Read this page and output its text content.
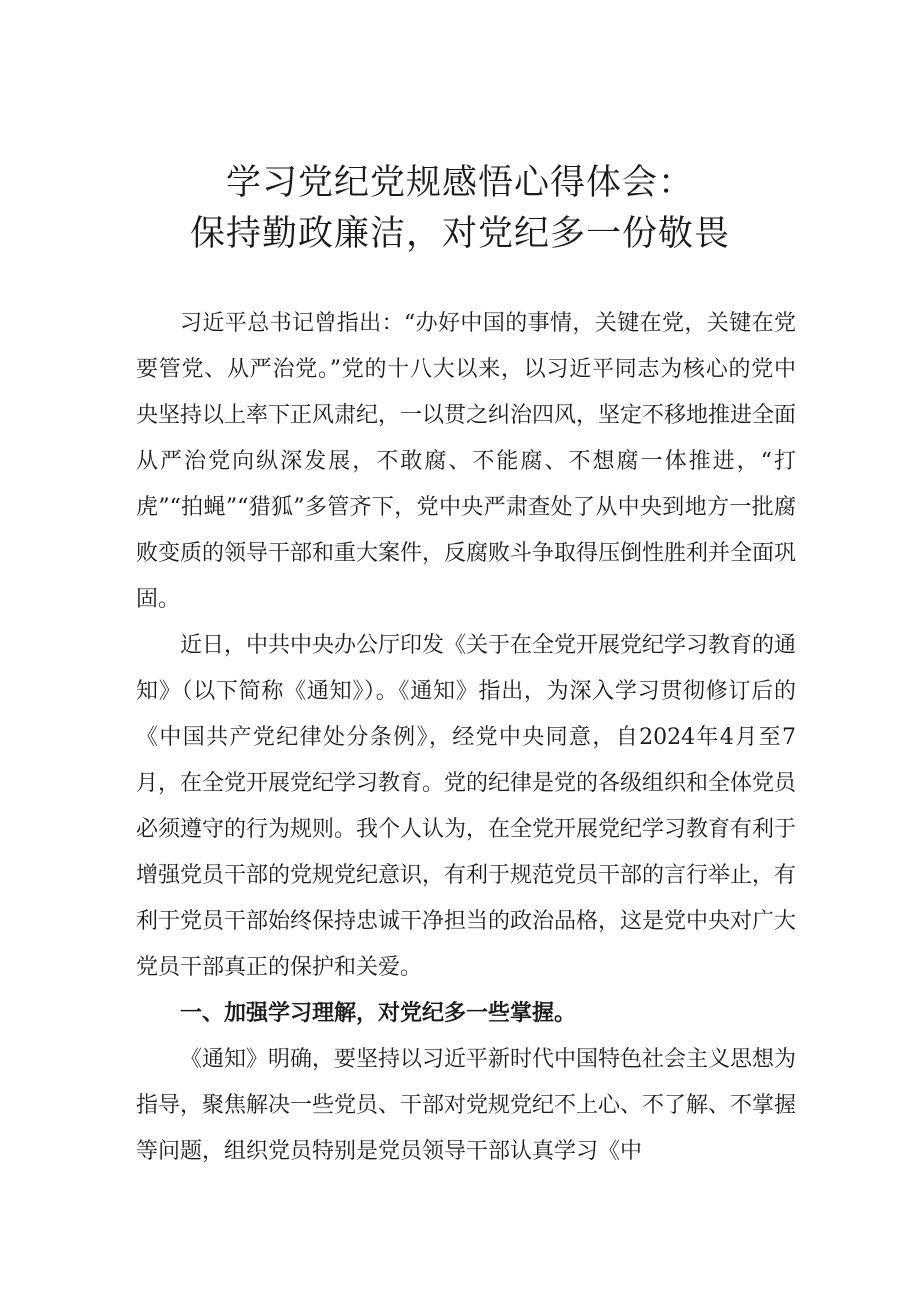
学习党纪党规感悟心得体会：
保持勤政廉洁，对党纪多一份敬畏

习近平总书记曾指出：“办好中国的事情，关键在党，关键在党要管党、从严治党。”党的十八大以来，以习近平同志为核心的党中央坚持以上率下正风肃纪，一以贯之纠治四风，坚定不移地推进全面从严治党向纵深发展，不敢腐、不能腐、不想腐一体推进，“打虎”“拍蝇”“猎狐”多管齐下，党中央严肃查处了从中央到地方一批腐败变质的领导干部和重大案件，反腐败斗争取得压倒性胜利并全面巩固。

近日，中共中央办公厅印发《关于在全党开展党纪学习教育的通知》（以下简称《通知》）。《通知》指出，为深入学习贯彻修订后的《中国共产党纪律处分条例》，经党中央同意，自2024年4月至7月，在全党开展党纪学习教育。党的纪律是党的各级组织和全体党员必须遵守的行为规则。我个人认为，在全党开展党纪学习教育有利于增强党员干部的党规党纪意识，有利于规范党员干部的言行举止，有利于党员干部始终保持忠诚干净担当的政治品格，这是党中央对广大党员干部真正的保护和关爱。

一、加强学习理解，对党纪多一些掌握。

《通知》明确，要坚持以习近平新时代中国特色社会主义思想为指导，聚焦解决一些党员、干部对党规党纪不上心、不了解、不掌握等问题，组织党员特别是党员领导干部认真学习《中
